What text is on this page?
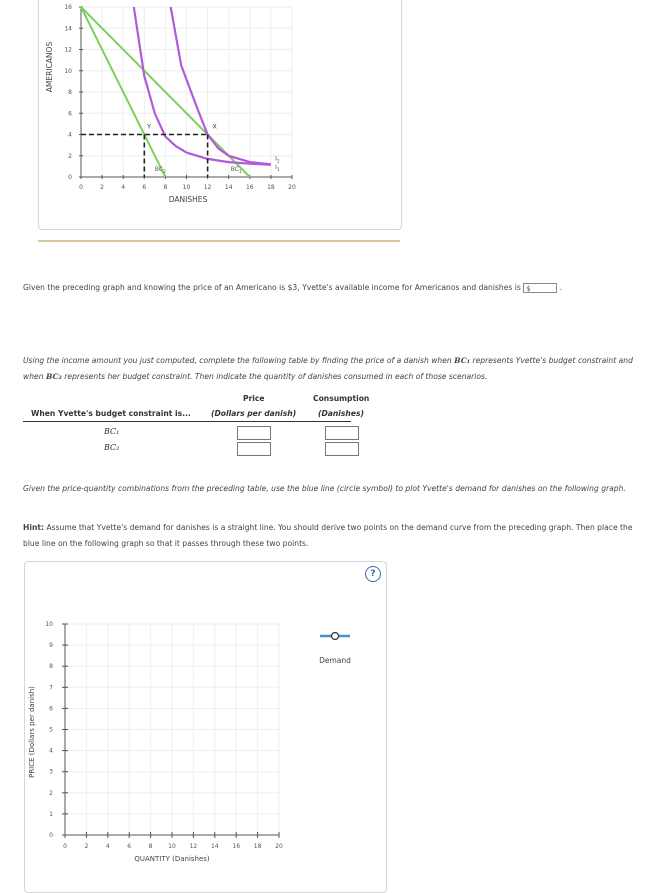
AMERICANOS
DANISHES
0	2	4	6	8	10 12 14 16 18 20
0
2
4
6
8
10
12
14
16
X
Y
$BC_1$
$BC_2$
$I_1$
$I_2$
Given the preceding graph and knowing the price of an Americano is $3, Yvette's available income for Americanos and danishes is $	.
Using the income amount you just computed, complete the following table by finding the price of a danish when BC₁ represents Yvette's budget constraint and when BC₂ represents her budget constraint. Then indicate the quantity of danishes consumed in each of those scenarios.
Price	Consumption
When Yvette's budget constraint is...	(Dollars per danish)	(Danishes)
BC₁
BC₂
Given the price-quantity combinations from the preceding table, use the blue line (circle symbol) to plot Yvette's demand for danishes on the following graph.
Hint: Assume that Yvette's demand for danishes is a straight line. You should derive two points on the demand curve from the preceding graph. Then place the blue line on the following graph so that it passes through these two points.
PRICE (Dollars per danish)
QUANTITY (Danishes)
0	2	4	6	8	10 12 14 16 18 20
0
1
2
3
4
5
6
7
8
9
10
Demand
?
